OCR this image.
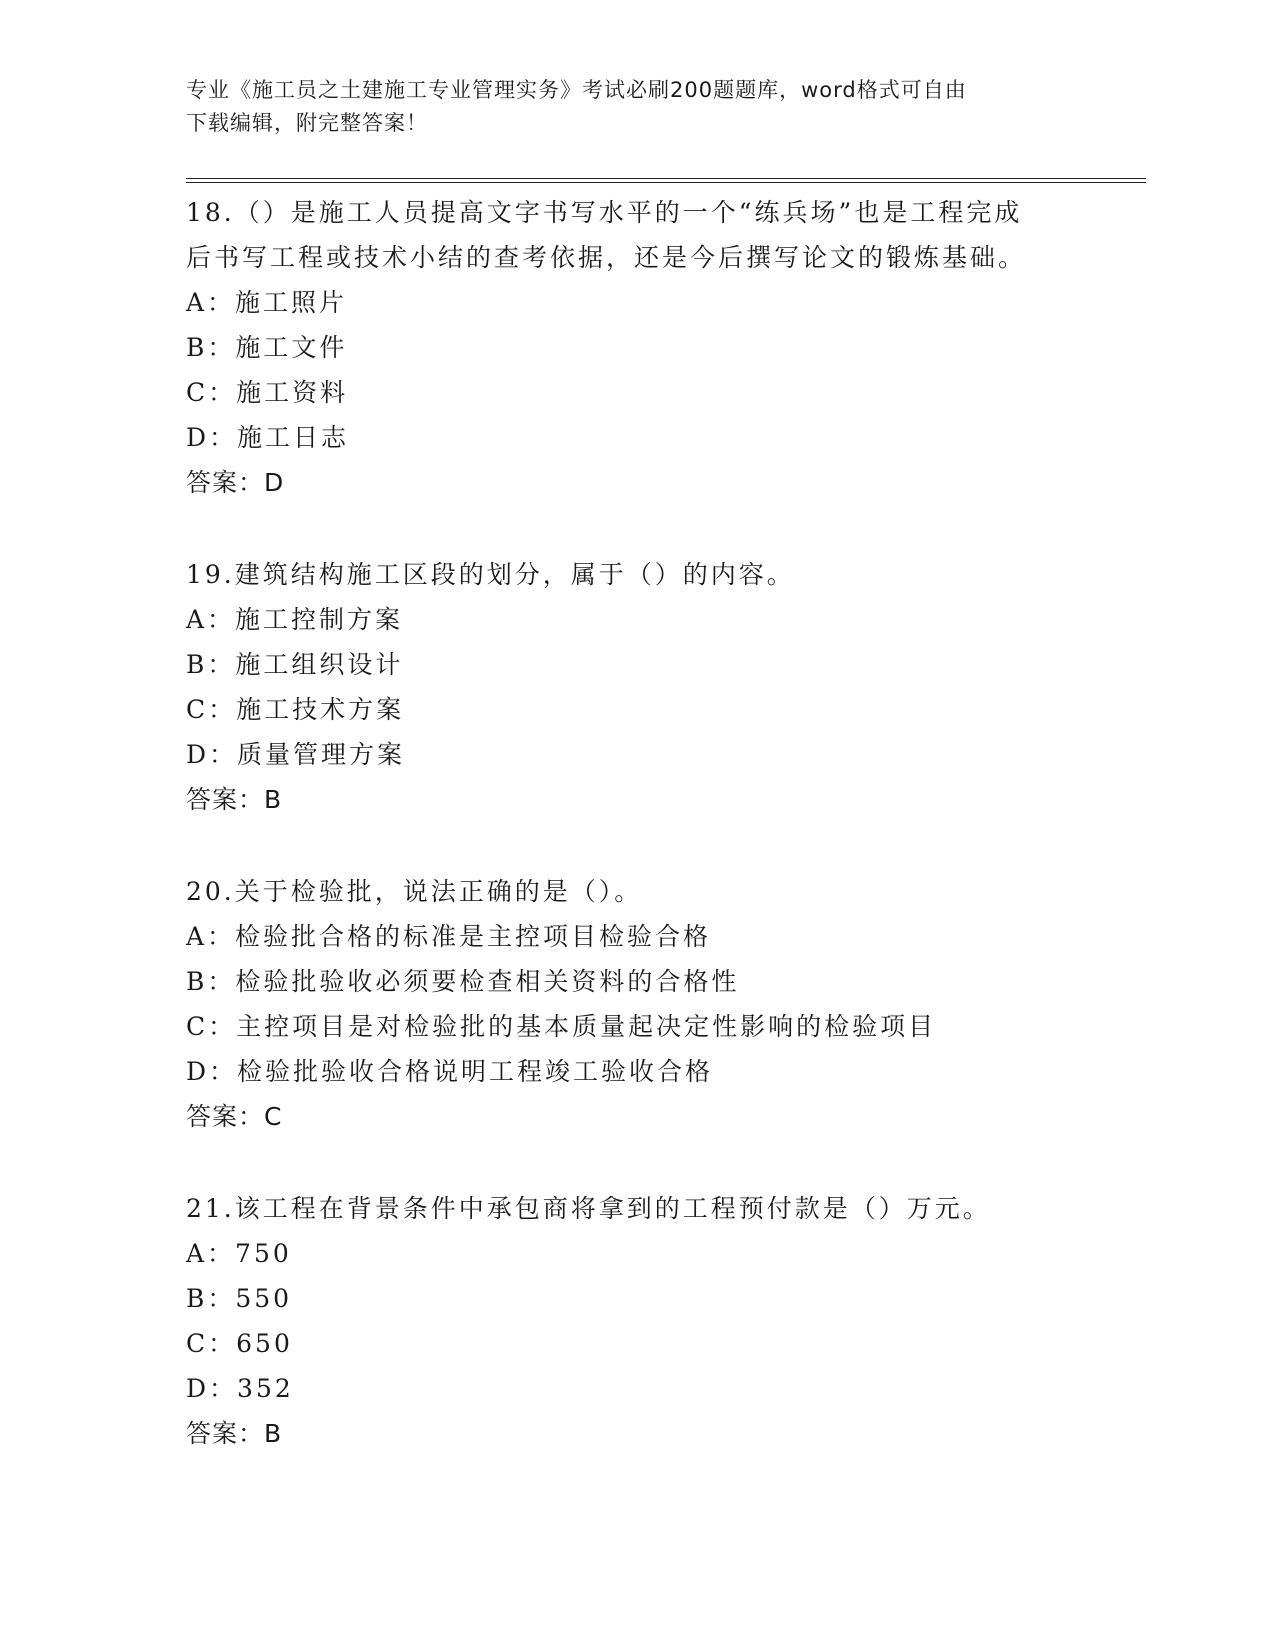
专业《施工员之土建施工专业管理实务》考试必刷200题题库，word格式可自由
下载编辑，附完整答案！
18.（）是施工人员提高文字书写水平的一个“练兵场”也是工程完成
后书写工程或技术小结的查考依据，还是今后撰写论文的锻炼基础。
A：施工照片
B：施工文件
C：施工资料
D：施工日志
答案：D
19.建筑结构施工区段的划分，属于（）的内容。
A：施工控制方案
B：施工组织设计
C：施工技术方案
D：质量管理方案
答案：B
20.关于检验批，说法正确的是（）。
A：检验批合格的标准是主控项目检验合格
B：检验批验收必须要检查相关资料的合格性
C：主控项目是对检验批的基本质量起决定性影响的检验项目
D：检验批验收合格说明工程竣工验收合格
答案：C
21.该工程在背景条件中承包商将拿到的工程预付款是（）万元。
A：750
B：550
C：650
D：352
答案：B
